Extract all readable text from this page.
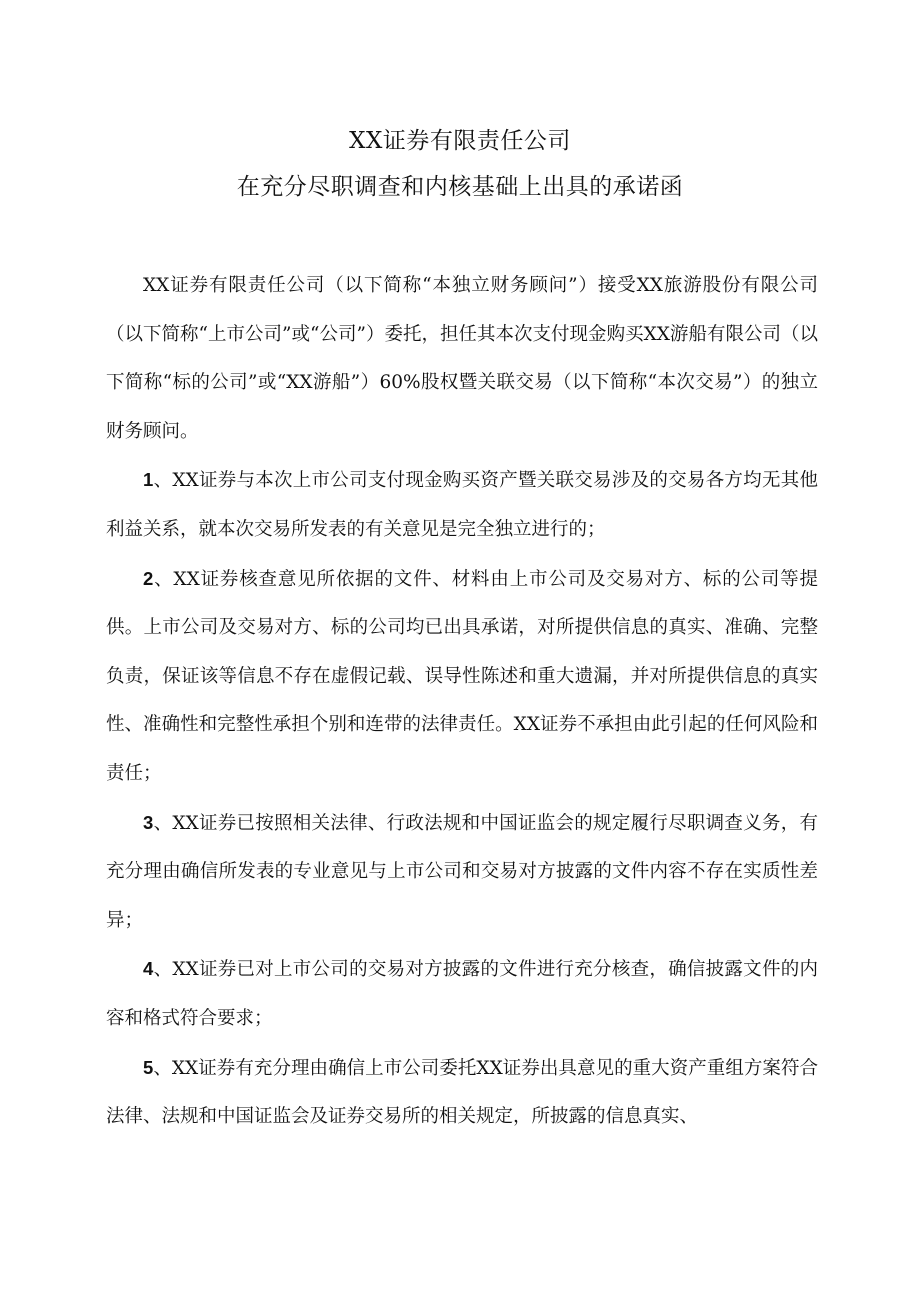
XX证券有限责任公司
在充分尽职调查和内核基础上出具的承诺函

XX证券有限责任公司（以下简称“本独立财务顾问”）接受XX旅游股份有限公司（以下简称“上市公司”或“公司”）委托，担任其本次支付现金购买XX游船有限公司（以下简称“标的公司”或“XX游船”）60%股权暨关联交易（以下简称“本次交易”）的独立财务顾问。

1、XX证券与本次上市公司支付现金购买资产暨关联交易涉及的交易各方均无其他利益关系，就本次交易所发表的有关意见是完全独立进行的；

2、XX证券核查意见所依据的文件、材料由上市公司及交易对方、标的公司等提供。上市公司及交易对方、标的公司均已出具承诺，对所提供信息的真实、准确、完整负责，保证该等信息不存在虚假记载、误导性陈述和重大遗漏，并对所提供信息的真实性、准确性和完整性承担个别和连带的法律责任。XX证券不承担由此引起的任何风险和责任；

3、XX证券已按照相关法律、行政法规和中国证监会的规定履行尽职调查义务，有充分理由确信所发表的专业意见与上市公司和交易对方披露的文件内容不存在实质性差异；

4、XX证券已对上市公司的交易对方披露的文件进行充分核查，确信披露文件的内容和格式符合要求；

5、XX证券有充分理由确信上市公司委托XX证券出具意见的重大资产重组方案符合法律、法规和中国证监会及证券交易所的相关规定，所披露的信息真实、
